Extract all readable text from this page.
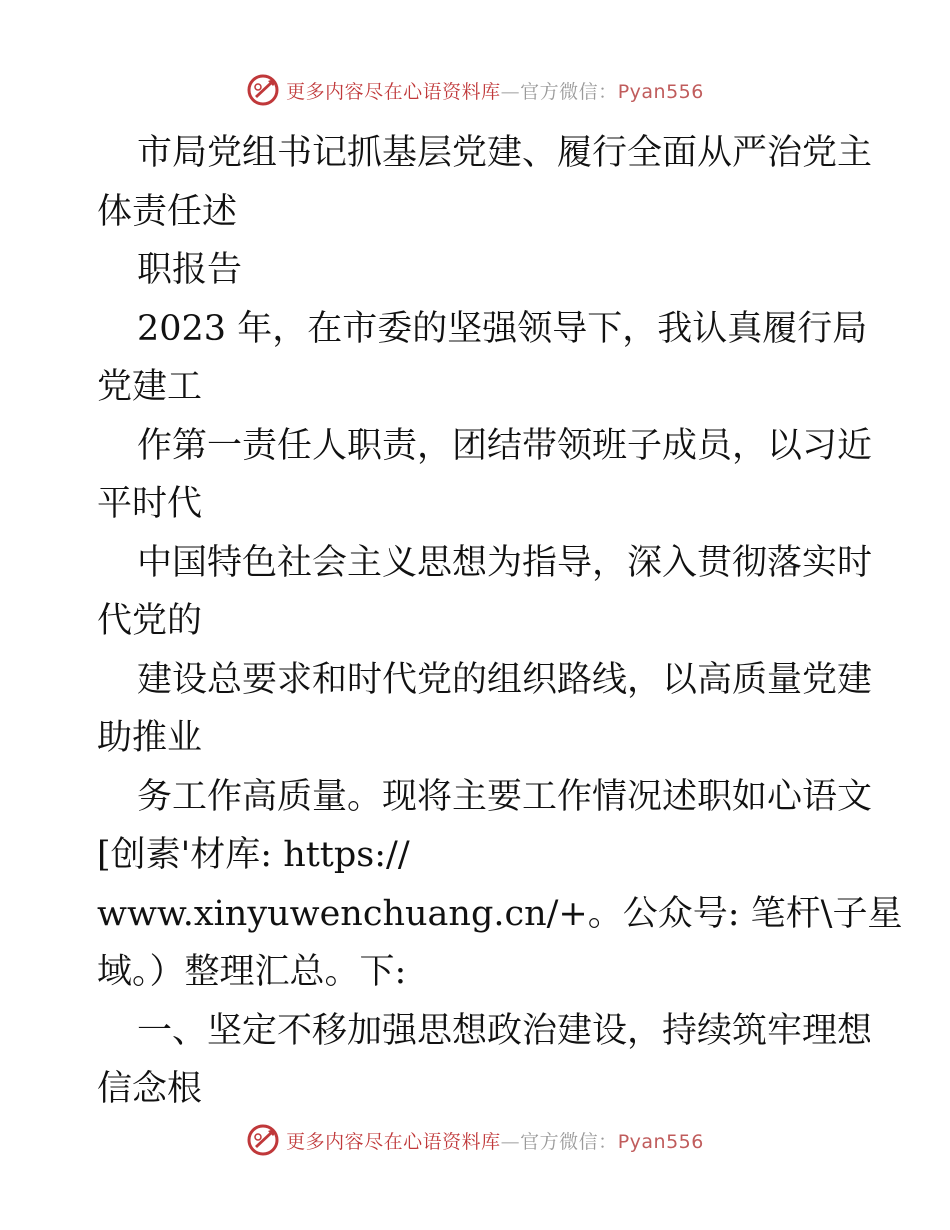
更多内容尽在心语资料库—官方微信：Pyan556
市局党组书记抓基层党建、履行全面从严治党主
体责任述
职报告
2023 年，在市委的坚强领导下，我认真履行局
党建工
作第一责任人职责，团结带领班子成员，以习近
平时代
中国特色社会主义思想为指导，深入贯彻落实时
代党的
建设总要求和时代党的组织路线，以高质量党建
助推业
务工作高质量。现将主要工作情况述职如心语文
[创素'材库: https://
www.xinyuwenchuang.cn/+。公众号: 笔杆\子星
域。）整理汇总。下:
一、坚定不移加强思想政治建设，持续筑牢理想
信念根
更多内容尽在心语资料库—官方微信：Pyan556
